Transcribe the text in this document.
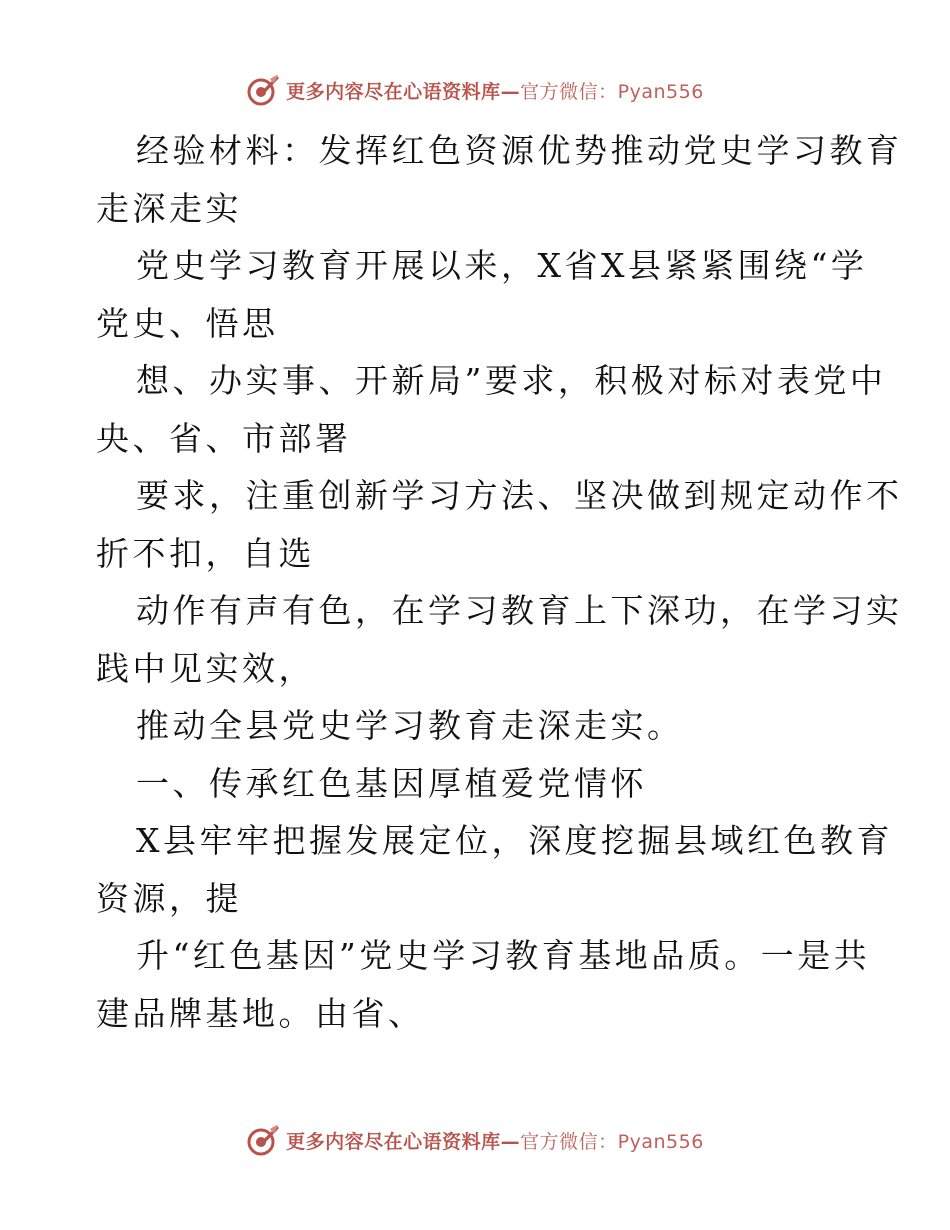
更多内容尽在心语资料库—官方微信：Pyan556
经验材料：发挥红色资源优势推动党史学习教育
走深走实
党史学习教育开展以来，X省X县紧紧围绕“学
党史、悟思
想、办实事、开新局”要求，积极对标对表党中
央、省、市部署
要求，注重创新学习方法、坚决做到规定动作不
折不扣，自选
动作有声有色，在学习教育上下深功，在学习实
践中见实效，
推动全县党史学习教育走深走实。
一、传承红色基因厚植爱党情怀
X县牢牢把握发展定位，深度挖掘县域红色教育
资源，提
升“红色基因”党史学习教育基地品质。一是共
建品牌基地。由省、
更多内容尽在心语资料库—官方微信：Pyan556
